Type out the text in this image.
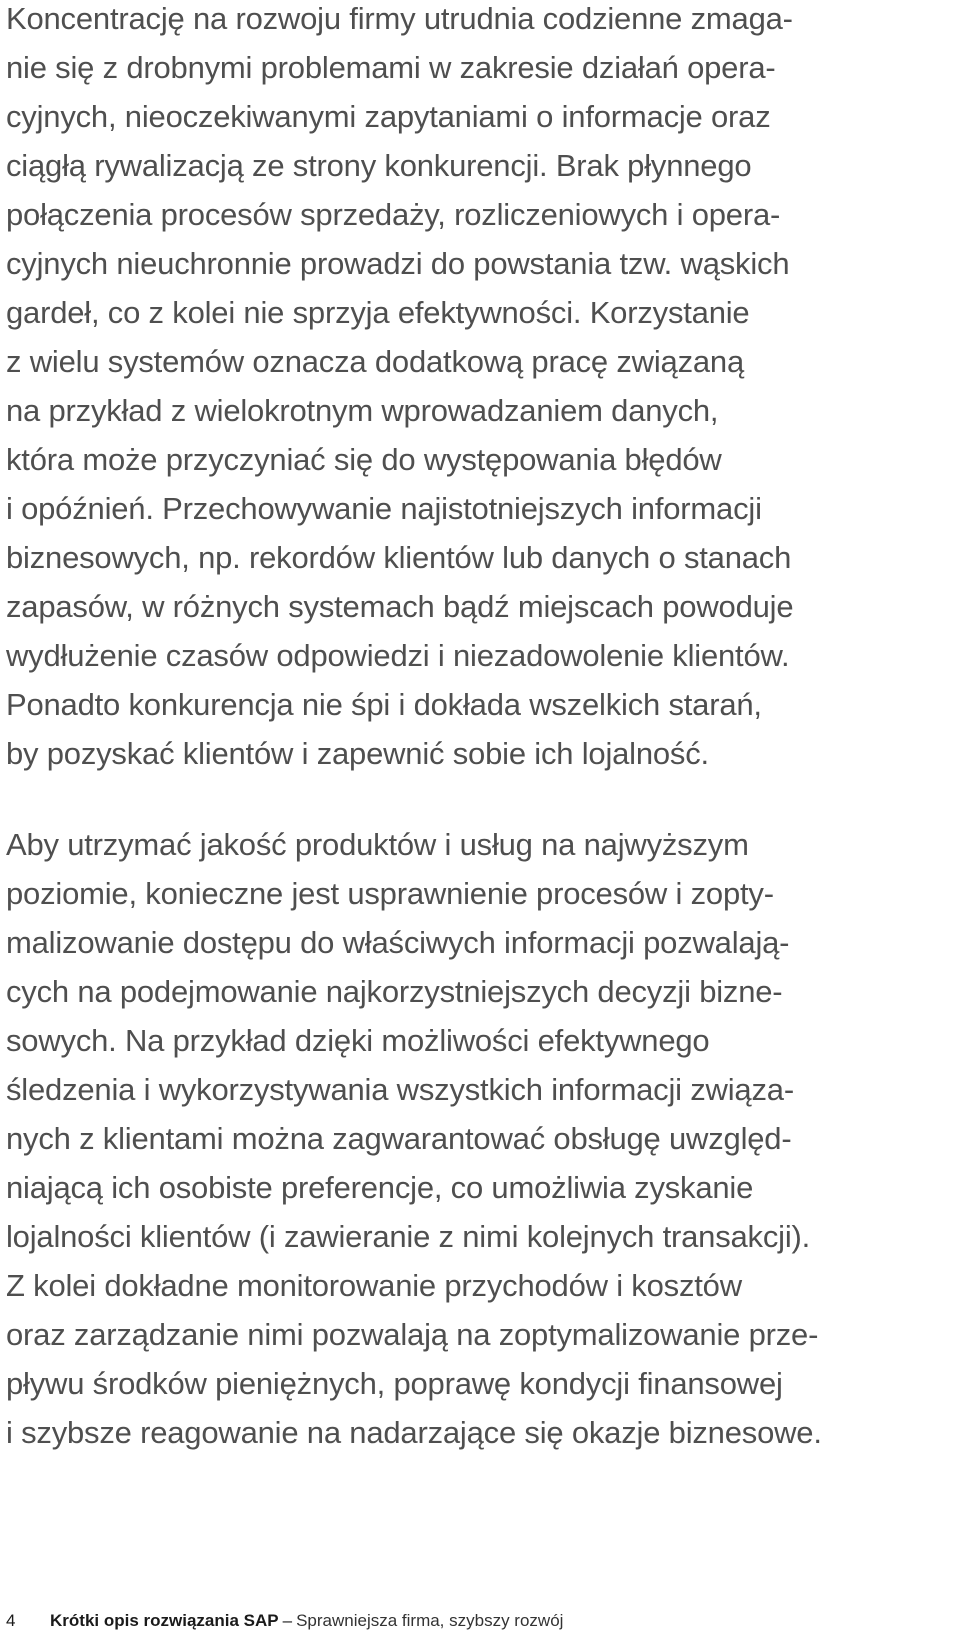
Koncentrację na rozwoju firmy utrudnia codzienne zmaga-
nie się z drobnymi problemami w zakresie działań opera-
cyjnych, nieoczekiwanymi zapytaniami o informacje oraz
ciągłą rywalizacją ze strony konkurencji. Brak płynnego
połączenia procesów sprzedaży, rozliczeniowych i opera-
cyjnych nieuchronnie prowadzi do powstania tzw. wąskich
gardeł, co z kolei nie sprzyja efektywności. Korzystanie
z wielu systemów oznacza dodatkową pracę związaną
na przykład z wielokrotnym wprowadzaniem danych,
która może przyczyniać się do występowania błędów
i opóźnień. Przechowywanie najistotniejszych informacji
biznesowych, np. rekordów klientów lub danych o stanach
zapasów, w różnych systemach bądź miejscach powoduje
wydłużenie czasów odpowiedzi i niezadowolenie klientów.
Ponadto konkurencja nie śpi i dokłada wszelkich starań,
by pozyskać klientów i zapewnić sobie ich lojalność.

Aby utrzymać jakość produktów i usług na najwyższym
poziomie, konieczne jest usprawnienie procesów i zopty-
malizowanie dostępu do właściwych informacji pozwalają-
cych na podejmowanie najkorzystniejszych decyzji bizne-
sowych. Na przykład dzięki możliwości efektywnego
śledzenia i wykorzystywania wszystkich informacji związa-
nych z klientami można zagwarantować obsługę uwzględ-
niającą ich osobiste preferencje, co umożliwia zyskanie
lojalności klientów (i zawieranie z nimi kolejnych transakcji).
Z kolei dokładne monitorowanie przychodów i kosztów
oraz zarządzanie nimi pozwalają na zoptymalizowanie prze-
pływu środków pieniężnych, poprawę kondycji finansowej
i szybsze reagowanie na nadarzające się okazje biznesowe.

4 Krótki opis rozwiązania SAP – Sprawniejsza firma, szybszy rozwój
